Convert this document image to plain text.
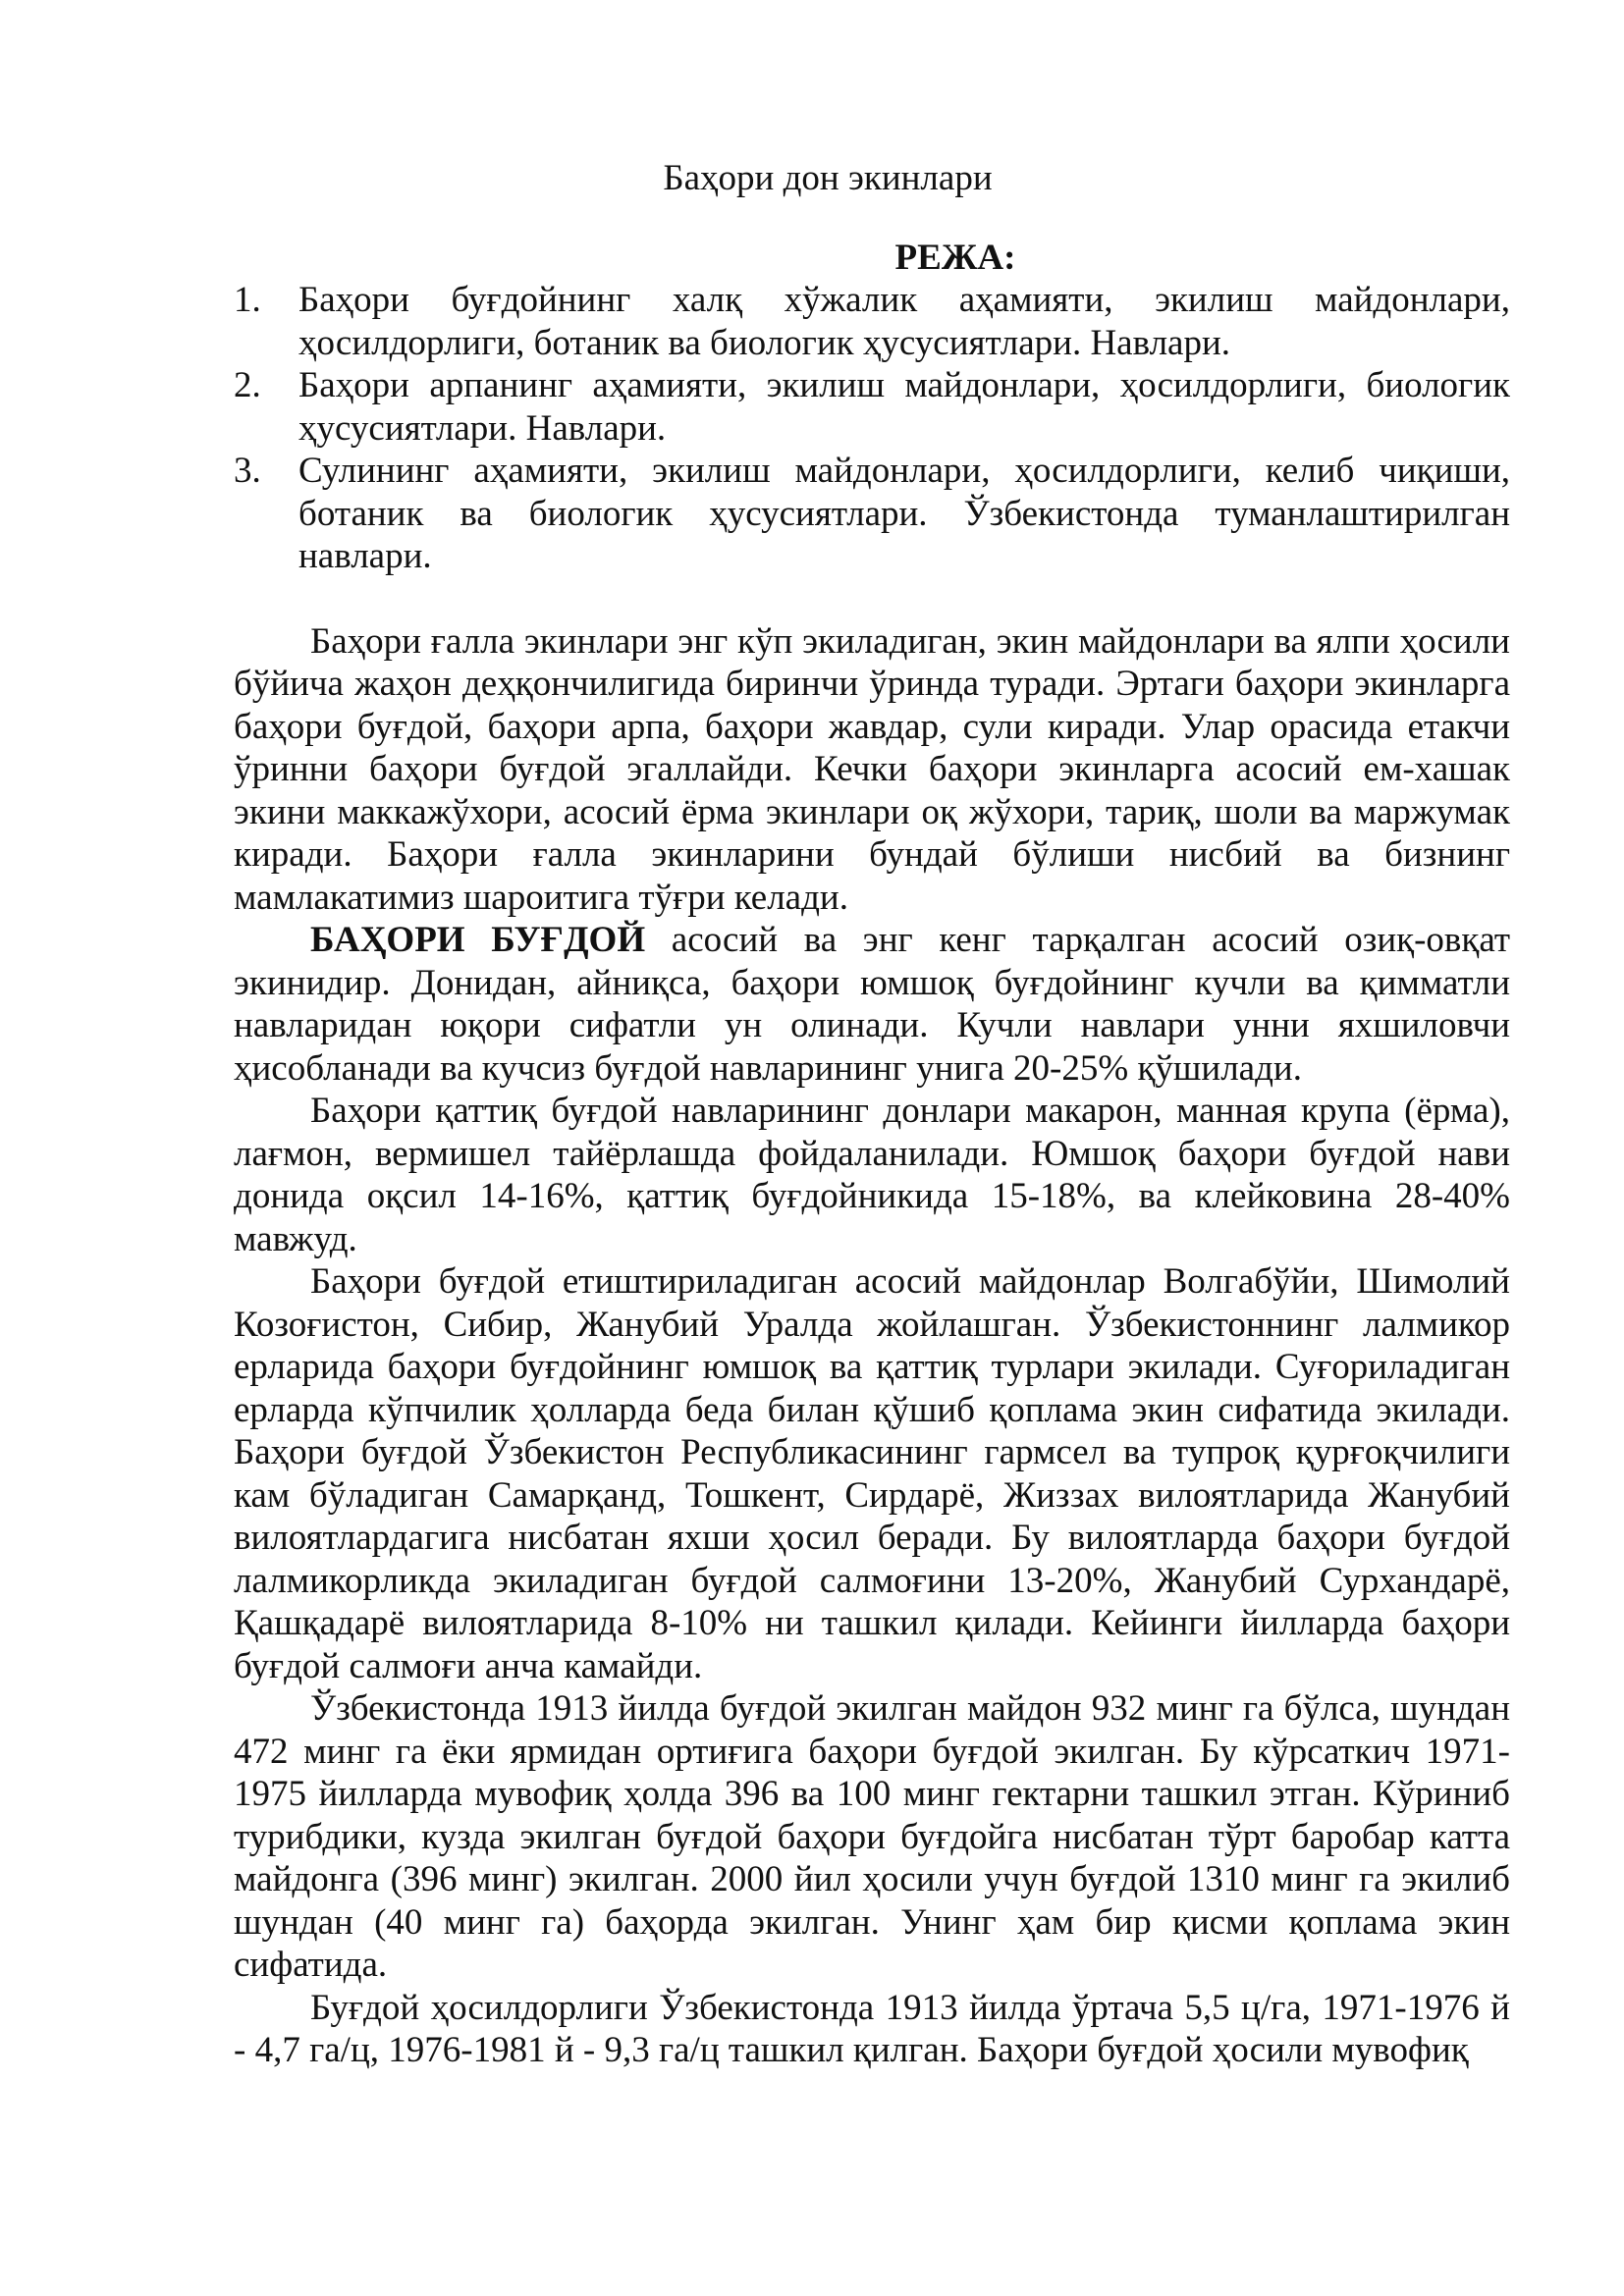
Баҳори дон экинлари
РЕЖА:
1. Баҳори буғдойнинг халқ хўжалик аҳамияти, экилиш майдонлари, ҳосилдорлиги, ботаник ва биологик ҳусусиятлари. Навлари.
2. Баҳори арпанинг аҳамияти, экилиш майдонлари, ҳосилдорлиги, биологик ҳусусиятлари. Навлари.
3. Сулининг аҳамияти, экилиш майдонлари, ҳосилдорлиги, келиб чиқиши, ботаник ва биологик ҳусусиятлари. Ўзбекистонда туманлаштирилган навлари.

Баҳори ғалла экинлари энг кўп экиладиган, экин майдонлари ва ялпи ҳосили бўйича жаҳон деҳқончилигида биринчи ўринда туради. Эртаги баҳори экинларга баҳори буғдой, баҳори арпа, баҳори жавдар, сули киради. Улар орасида етакчи ўринни баҳори буғдой эгаллайди. Кечки баҳори экинларга асосий ем-хашак экини маккажўхори, асосий ёрма экинлари оқ жўхори, тариқ, шоли ва маржумак киради. Баҳори ғалла экинларини бундай бўлиши нисбий ва бизнинг мамлакатимиз шароитига тўғри келади.

БАҲОРИ БУҒДОЙ асосий ва энг кенг тарқалган асосий озиқ-овқат экинидир. Донидан, айниқса, баҳори юмшоқ буғдойнинг кучли ва қимматли навларидан юқори сифатли ун олинади. Кучли навлари унни яхшиловчи ҳисобланади ва кучсиз буғдой навларининг унига 20-25% қўшилади.

Баҳори қаттиқ буғдой навларининг донлари макарон, манная крупа (ёрма), лағмон, вермишел тайёрлашда фойдаланилади. Юмшоқ баҳори буғдой нави донида оқсил 14-16%, қаттиқ буғдойникида 15-18%, ва клейковина 28-40% мавжуд.

Баҳори буғдой етиштириладиган асосий майдонлар Волгабўйи, Шимолий Козоғистон, Сибир, Жанубий Уралда жойлашган. Ўзбекистоннинг лалмикор ерларида баҳори буғдойнинг юмшоқ ва қаттиқ турлари экилади. Суғориладиган ерларда кўпчилик ҳолларда беда билан қўшиб қоплама экин сифатида экилади. Баҳори буғдой Ўзбекистон Республикасининг гармсел ва тупроқ қурғоқчилиги кам бўладиган Самарқанд, Тошкент, Сирдарё, Жиззах вилоятларида Жанубий вилоятлардагига нисбатан яхши ҳосил беради. Бу вилоятларда баҳори буғдой лалмикорликда экиладиган буғдой салмоғини 13-20%, Жанубий Сурхандарё, Қашқадарё вилоятларида 8-10% ни ташкил қилади. Кейинги йилларда баҳори буғдой салмоғи анча камайди.

Ўзбекистонда 1913 йилда буғдой экилган майдон 932 минг га бўлса, шундан 472 минг га ёки ярмидан ортиғига баҳори буғдой экилган. Бу кўрсаткич 1971-1975 йилларда мувофиқ ҳолда 396 ва 100 минг гектарни ташкил этган. Кўриниб турибдики, кузда экилган буғдой баҳори буғдойга нисбатан тўрт баробар катта майдонга (396 минг) экилган. 2000 йил ҳосили учун буғдой 1310 минг га экилиб шундан (40 минг га) баҳорда экилган. Унинг ҳам бир қисми қоплама экин сифатида.

Буғдой ҳосилдорлиги Ўзбекистонда 1913 йилда ўртача 5,5 ц/га, 1971-1976 й - 4,7 га/ц, 1976-1981 й - 9,3 га/ц ташкил қилган. Баҳори буғдой ҳосили мувофиқ
